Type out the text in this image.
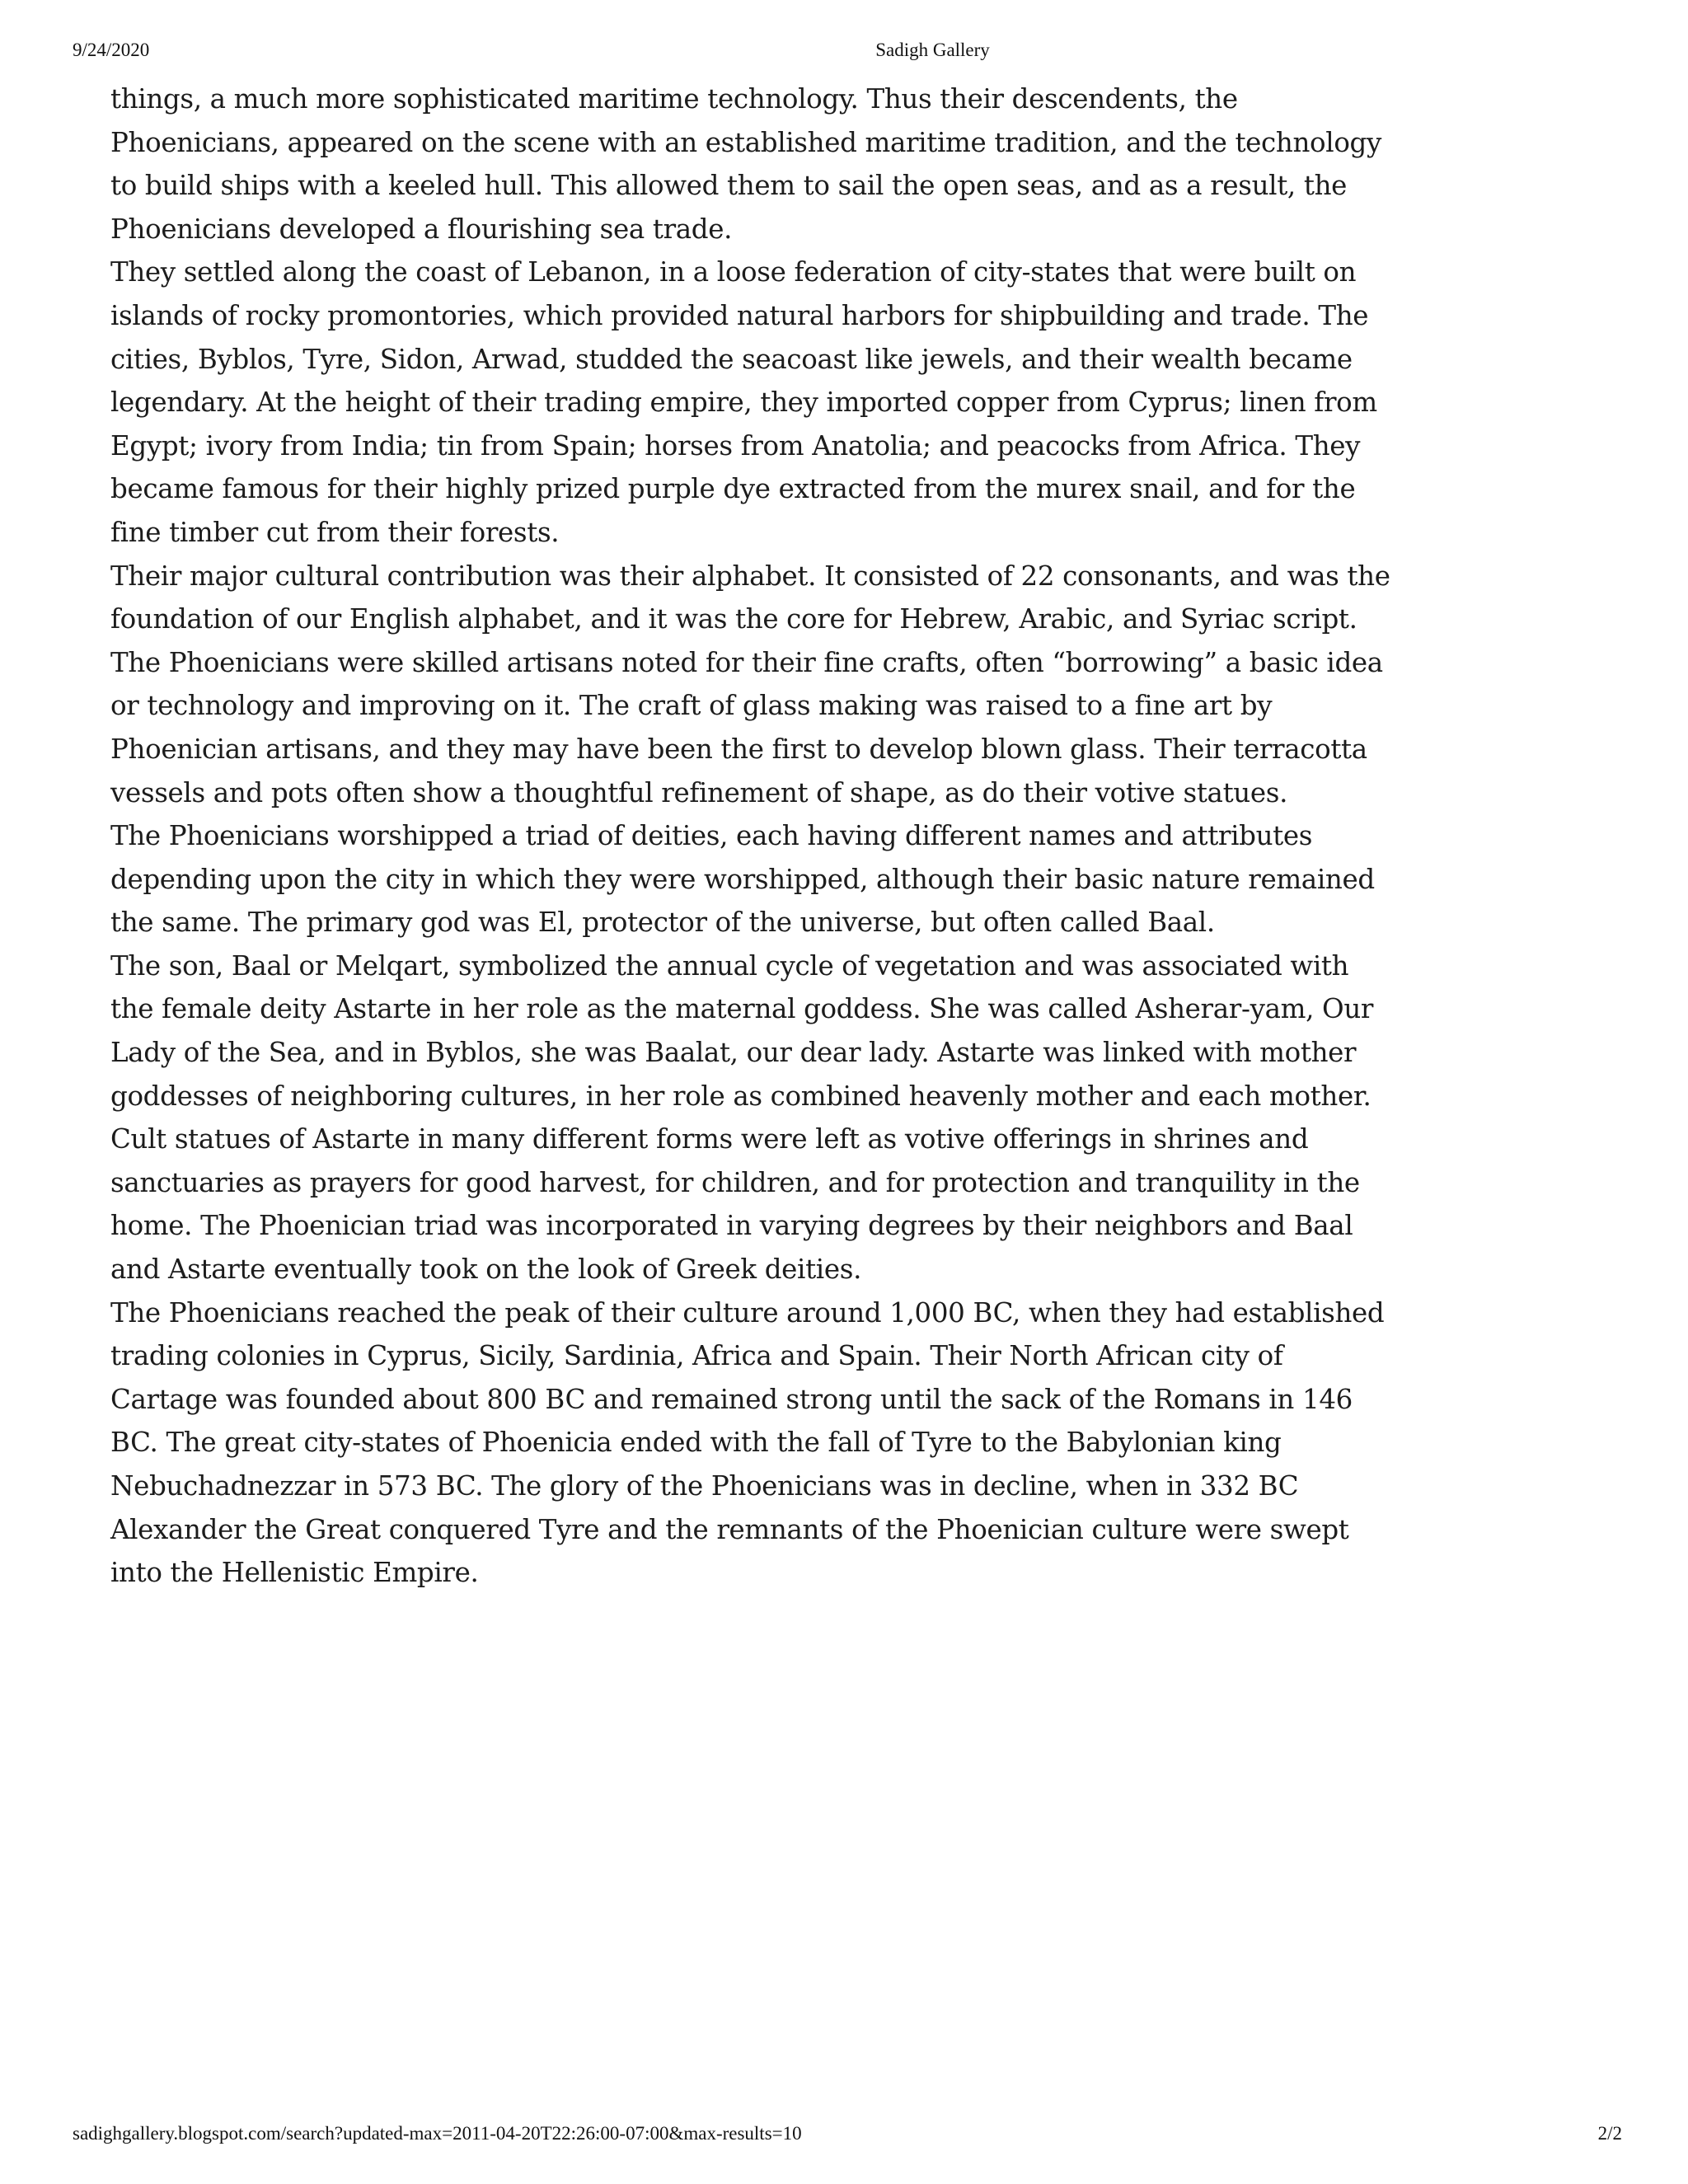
9/24/2020	Sadigh Gallery

things, a much more sophisticated maritime technology. Thus their descendents, the Phoenicians, appeared on the scene with an established maritime tradition, and the technology to build ships with a keeled hull. This allowed them to sail the open seas, and as a result, the Phoenicians developed a flourishing sea trade.

They settled along the coast of Lebanon, in a loose federation of city-states that were built on islands of rocky promontories, which provided natural harbors for shipbuilding and trade. The cities, Byblos, Tyre, Sidon, Arwad, studded the seacoast like jewels, and their wealth became legendary. At the height of their trading empire, they imported copper from Cyprus; linen from Egypt; ivory from India; tin from Spain; horses from Anatolia; and peacocks from Africa. They became famous for their highly prized purple dye extracted from the murex snail, and for the fine timber cut from their forests.

Their major cultural contribution was their alphabet. It consisted of 22 consonants, and was the foundation of our English alphabet, and it was the core for Hebrew, Arabic, and Syriac script.

The Phoenicians were skilled artisans noted for their fine crafts, often “borrowing” a basic idea or technology and improving on it. The craft of glass making was raised to a fine art by Phoenician artisans, and they may have been the first to develop blown glass. Their terracotta vessels and pots often show a thoughtful refinement of shape, as do their votive statues.

The Phoenicians worshipped a triad of deities, each having different names and attributes depending upon the city in which they were worshipped, although their basic nature remained the same. The primary god was El, protector of the universe, but often called Baal.

The son, Baal or Melqart, symbolized the annual cycle of vegetation and was associated with the female deity Astarte in her role as the maternal goddess. She was called Asherar-yam, Our Lady of the Sea, and in Byblos, she was Baalat, our dear lady. Astarte was linked with mother goddesses of neighboring cultures, in her role as combined heavenly mother and each mother. Cult statues of Astarte in many different forms were left as votive offerings in shrines and sanctuaries as prayers for good harvest, for children, and for protection and tranquility in the home. The Phoenician triad was incorporated in varying degrees by their neighbors and Baal and Astarte eventually took on the look of Greek deities.

The Phoenicians reached the peak of their culture around 1,000 BC, when they had established trading colonies in Cyprus, Sicily, Sardinia, Africa and Spain. Their North African city of Cartage was founded about 800 BC and remained strong until the sack of the Romans in 146 BC. The great city-states of Phoenicia ended with the fall of Tyre to the Babylonian king Nebuchadnezzar in 573 BC. The glory of the Phoenicians was in decline, when in 332 BC Alexander the Great conquered Tyre and the remnants of the Phoenician culture were swept into the Hellenistic Empire.

sadighgallery.blogspot.com/search?updated-max=2011-04-20T22:26:00-07:00&max-results=10	2/2
